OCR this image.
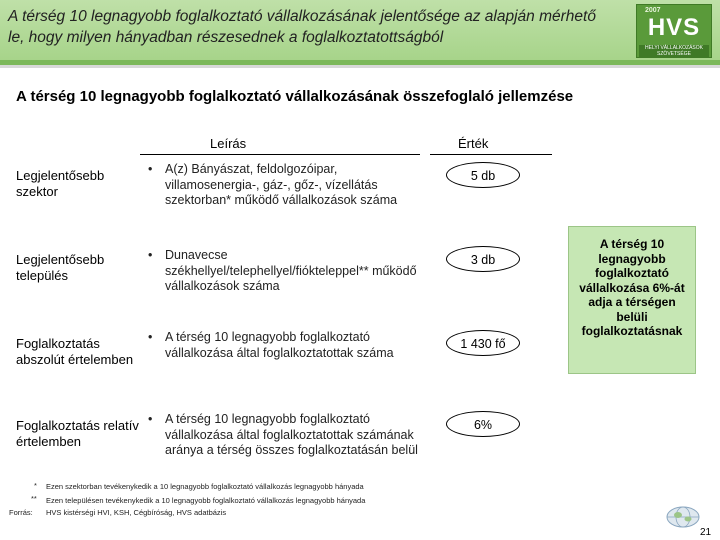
A térség 10 legnagyobb foglalkoztató vállalkozásának jelentősége az alapján mérhető le, hogy milyen hányadban részesednek a foglalkoztatottságból
2007
HVS
HELYI VÁLLALKOZÁSOK SZÖVETSÉGE
A térség 10 legnagyobb foglalkoztató vállalkozásának összefoglaló jellemzése
Leírás	Érték
Legjelentősebb szektor
• A(z) Bányászat, feldolgozóipar, villamosenergia-, gáz-, gőz-, vízellátás szektorban* működő vállalkozások száma
5 db
Legjelentősebb település
• Dunavecse székhellyel/telephellyel/fiókteleppel** működő vállalkozások száma
3 db
Foglalkoztatás abszolút értelemben
• A térség 10 legnagyobb foglalkoztató vállalkozása által foglalkoztatottak száma
1 430 fő
Foglalkoztatás relatív értelemben
• A térség 10 legnagyobb foglalkoztató vállalkozása által foglalkoztatottak számának aránya a térség összes foglalkoztatásán belül
6%
A térség 10 legnagyobb foglalkoztató vállalkozása 6%-át adja a térségen belüli foglalkoztatásnak
* Ezen szektorban tevékenykedik a 10 legnagyobb foglalkoztató vállalkozás legnagyobb hányada
** Ezen településen tevékenykedik a 10 legnagyobb foglalkoztató vállalkozás legnagyobb hányada
Forrás: HVS kistérségi HVI, KSH, Cégbíróság, HVS adatbázis
21
